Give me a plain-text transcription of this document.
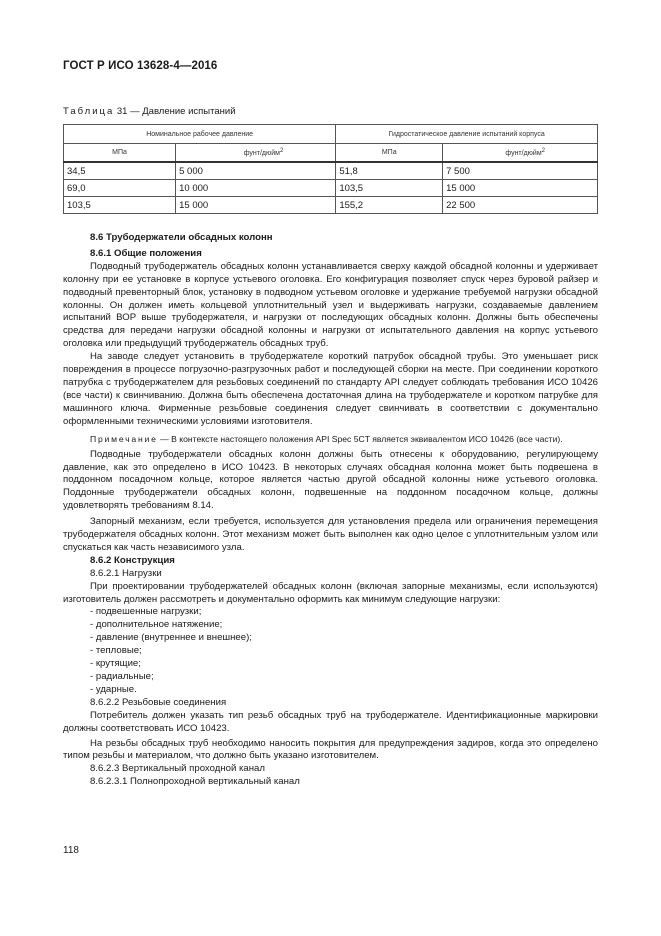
ГОСТ Р ИСО 13628-4—2016
Таблица 31 — Давление испытаний
Номинальное рабочее давление		Гидростатическое давление испытаний корпуса	
МПа	фунт/дюйм$^2$	МПа	фунт/дюйм$^2$
34,5	5 000	51,8	7 500
69,0	10 000	103,5	15 000
103,5	15 000	155,2	22 500

8.6 Трубодержатели обсадных колонн

8.6.1 Общие положения

Подводный трубодержатель обсадных колонн устанавливается сверху каждой обсадной колонны и удерживает колонну при ее установке в корпусе устьевого оголовка. Его конфигурация позволяет спуск через буровой райзер и подводный превенторный блок, установку в подводном устьевом оголовке и удержание требуемой нагрузки обсадной колонны. Он должен иметь кольцевой уплотнительный узел и выдерживать нагрузки, создаваемые давлением испытаний ВОР выше трубодержателя, и нагрузки от последующих обсадных колонн. Должны быть обеспечены средства для передачи нагрузки обсадной колонны и нагрузки от испытательного давления на корпус устьевого оголовка или предыдущий трубодержатель обсадных труб.

На заводе следует установить в трубодержателе короткий патрубок обсадной трубы. Это уменьшает риск повреждения в процессе погрузочно-разгрузочных работ и последующей сборки на месте. При соединении короткого патрубка с трубодержателем для резьбовых соединений по стандарту API следует соблюдать требования ИСО 10426 (все части) к свинчиванию. Должна быть обеспечена достаточная длина на трубодержателе и коротком патрубке для машинного ключа. Фирменные резьбовые соединения следует свинчивать в соответствии с документально оформленными техническими условиями изготовителя.

Примечание — В контексте настоящего положения API Spec 5CT является эквивалентом ИСО 10426 (все части).

Подводные трубодержатели обсадных колонн должны быть отнесены к оборудованию, регулирующему давление, как это определено в ИСО 10423. В некоторых случаях обсадная колонна может быть подвешена в поддонном посадочном кольце, которое является частью другой обсадной колонны ниже устьевого оголовка. Поддонные трубодержатели обсадных колонн, подвешенные на поддонном посадочном кольце, должны удовлетворять требованиям 8.14.

Запорный механизм, если требуется, используется для установления предела или ограничения перемещения трубодержателя обсадных колонн. Этот механизм может быть выполнен как одно целое с уплотнительным узлом или спускаться как часть независимого узла.

8.6.2 Конструкция

8.6.2.1 Нагрузки

При проектировании трубодержателей обсадных колонн (включая запорные механизмы, если используются) изготовитель должен рассмотреть и документально оформить как минимум следующие нагрузки:

- подвешенные нагрузки;

- дополнительное натяжение;

- давление (внутреннее и внешнее);

- тепловые;

- крутящие;

- радиальные;

- ударные.

8.6.2.2 Резьбовые соединения

Потребитель должен указать тип резьб обсадных труб на трубодержателе. Идентификационные маркировки должны соответствовать ИСО 10423.

На резьбы обсадных труб необходимо наносить покрытия для предупреждения задиров, когда это определено типом резьбы и материалом, что должно быть указано изготовителем.

8.6.2.3 Вертикальный проходной канал

8.6.2.3.1 Полнопроходной вертикальный канал

118
